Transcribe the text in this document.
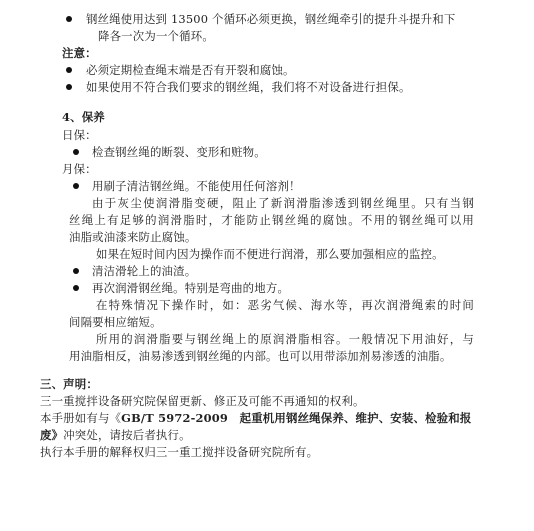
钢丝绳使用达到 13500 个循环必须更换，钢丝绳牵引的提升斗提升和下
降各一次为一个循环。
注意：
必须定期检查绳末端是否有开裂和腐蚀。
如果使用不符合我们要求的钢丝绳，我们将不对设备进行担保。
4、保养
日保：
检查钢丝绳的断裂、变形和赃物。
月保：
用刷子清洁钢丝绳。不能使用任何溶剂！
由于灰尘使润滑脂变硬，阻止了新润滑脂渗透到钢丝绳里。只有当钢
丝绳上有足够的润滑脂时，才能防止钢丝绳的腐蚀。不用的钢丝绳可以用
油脂或油漆来防止腐蚀。
如果在短时间内因为操作而不便进行润滑，那么要加强相应的监控。
清洁滑轮上的油渣。
再次润滑钢丝绳。特别是弯曲的地方。
在特殊情况下操作时，如：恶劣气候、海水等，再次润滑绳索的时间
间隔要相应缩短。
所用的润滑脂要与钢丝绳上的原润滑脂相容。一般情况下用油好，与
用油脂相反，油易渗透到钢丝绳的内部。也可以用带添加剂易渗透的油脂。
三、声明：
三一重搅拌设备研究院保留更新、修正及可能不再通知的权利。
本手册如有与《GB/T 5972-2009　起重机用钢丝绳保养、维护、安装、检验和报
废》冲突处，请按后者执行。
执行本手册的解释权归三一重工搅拌设备研究院所有。
